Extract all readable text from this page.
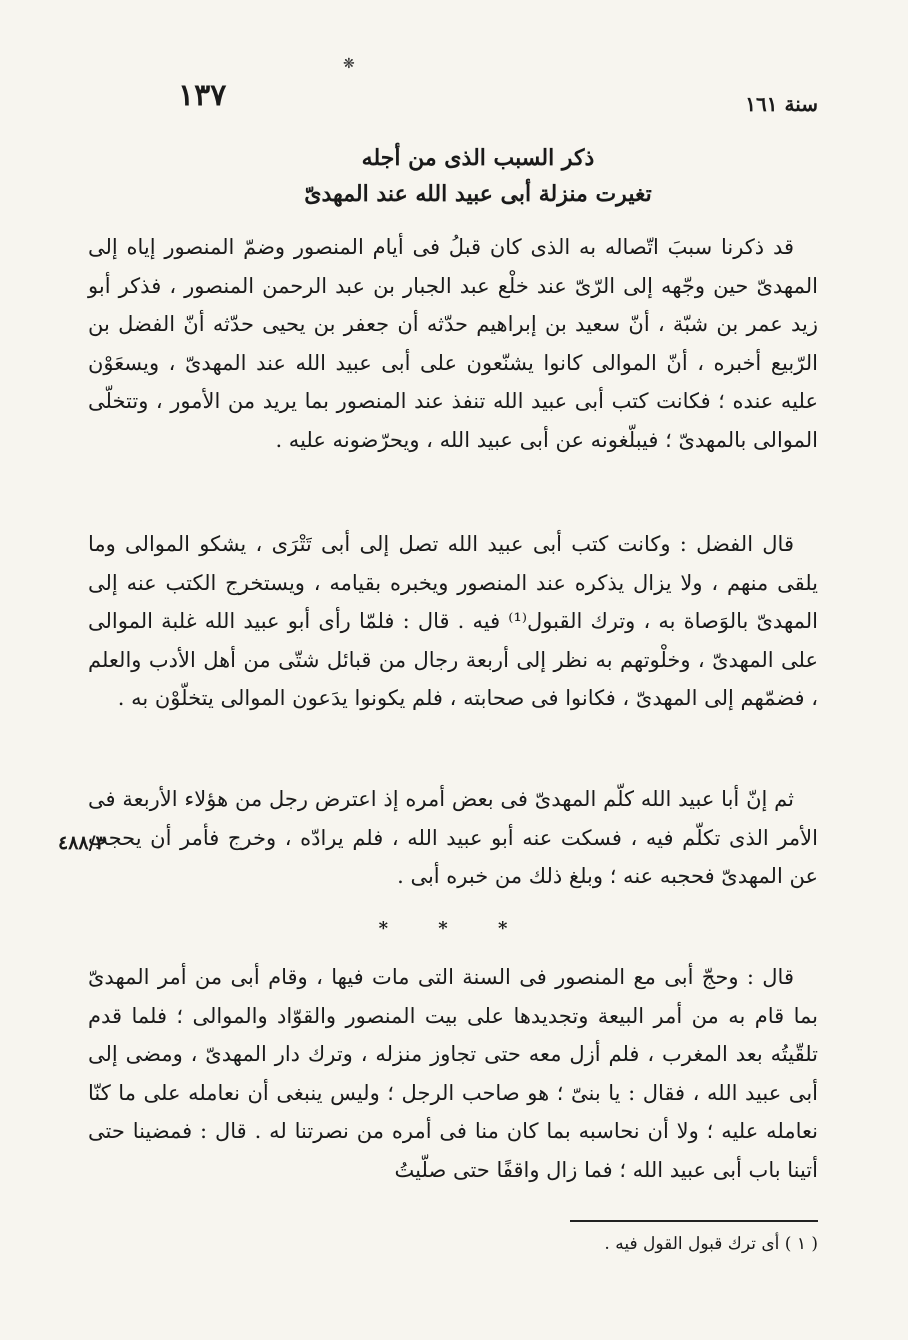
❋
سنة ١٦١
١٣٧
ذكر السبب الذى من أجله
تغيرت منزلة أبى عبيد الله عند المهدىّ

قد ذكرنا سببَ اتّصاله به الذى كان قبلُ فى أيام المنصور وضمّ المنصور إياه إلى المهدىّ حين وجّهه إلى الرّىّ عند خلْع عبد الجبار بن عبد الرحمن المنصور ، فذكر أبو زيد عمر بن شبّة ، أنّ سعيد بن إبراهيم حدّثه أن جعفر بن يحيى حدّثه أنّ الفضل بن الرّبيع أخبره ، أنّ الموالى كانوا يشنّعون على أبى عبيد الله عند المهدىّ ، ويسعَوْن عليه عنده ؛ فكانت كتب أبى عبيد الله تنفذ عند المنصور بما يريد من الأمور ، وتتخلّى الموالى بالمهدىّ ؛ فيبلّغونه عن أبى عبيد الله ، ويحرّضونه عليه .

قال الفضل : وكانت كتب أبى عبيد الله تصل إلى أبى تَتْرَى ، يشكو الموالى وما يلقى منهم ، ولا يزال يذكره عند المنصور ويخبره بقيامه ، ويستخرج الكتب عنه إلى المهدىّ بالوَصاة به ، وترك القبول⁽¹⁾ فيه . قال : فلمّا رأى أبو عبيد الله غلبة الموالى على المهدىّ ، وخلْوتهم به نظر إلى أربعة رجال من قبائل شتّى من أهل الأدب والعلم ، فضمّهم إلى المهدىّ ، فكانوا فى صحابته ، فلم يكونوا يدَعون الموالى يتخلّوْن به .

ثم إنّ أبا عبيد الله كلّم المهدىّ فى بعض أمره إذ اعترض رجل من هؤلاء الأربعة فى الأمر الذى تكلّم فيه ، فسكت عنه أبو عبيد الله ، فلم يرادّه ، وخرج فأمر أن يحجب عن المهدىّ فحجبه عنه ؛ وبلغ ذلك من خبره أبى .

٤٨٨/٣
* * *

قال : وحجّ أبى مع المنصور فى السنة التى مات فيها ، وقام أبى من أمر المهدىّ بما قام به من أمر البيعة وتجديدها على بيت المنصور والقوّاد والموالى ؛ فلما قدم تلقّيتُه بعد المغرب ، فلم أزل معه حتى تجاوز منزله ، وترك دار المهدىّ ، ومضى إلى أبى عبيد الله ، فقال : يا بنىّ ؛ هو صاحب الرجل ؛ وليس ينبغى أن نعامله على ما كنّا نعامله عليه ؛ ولا أن نحاسبه بما كان منا فى أمره من نصرتنا له . قال : فمضينا حتى أتينا باب أبى عبيد الله ؛ فما زال واقفًا حتى صلّيتُ

( ١ ) أى ترك قبول القول فيه .
